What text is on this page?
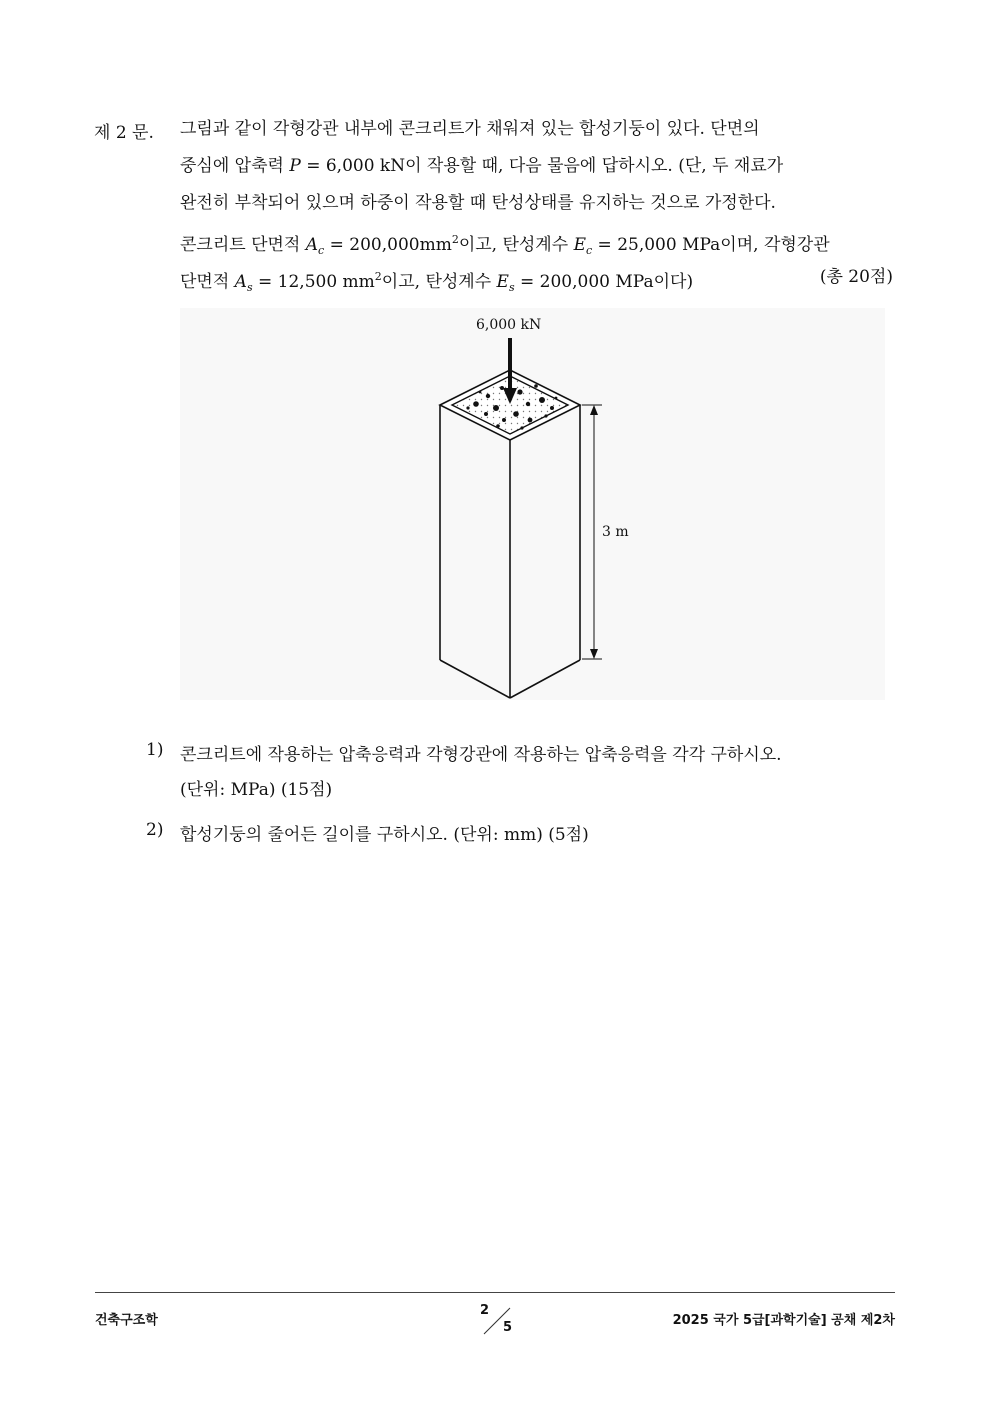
제 2 문. 그림과 같이 각형강관 내부에 콘크리트가 채워져 있는 합성기둥이 있다. 단면의
중심에 압축력 P = 6,000 kN이 작용할 때, 다음 물음에 답하시오. (단, 두 재료가
완전히 부착되어 있으며 하중이 작용할 때 탄성상태를 유지하는 것으로 가정한다.
콘크리트 단면적 $A_c = 200,000mm^2$이고, 탄성계수 $E_c = 25,000$ MPa이며, 각형강관
단면적 $A_s = 12,500$ $mm^2$이고, 탄성계수 $E_s = 200,000$ MPa이다)	(총 20점)
6,000 kN
3 m
1) 콘크리트에 작용하는 압축응력과 각형강관에 작용하는 압축응력을 각각 구하시오.
(단위: MPa) (15점)
2) 합성기둥의 줄어든 길이를 구하시오. (단위: mm) (5점)
건축구조학
2
5	2025 국가 5급[과학기술] 공채 제2차
